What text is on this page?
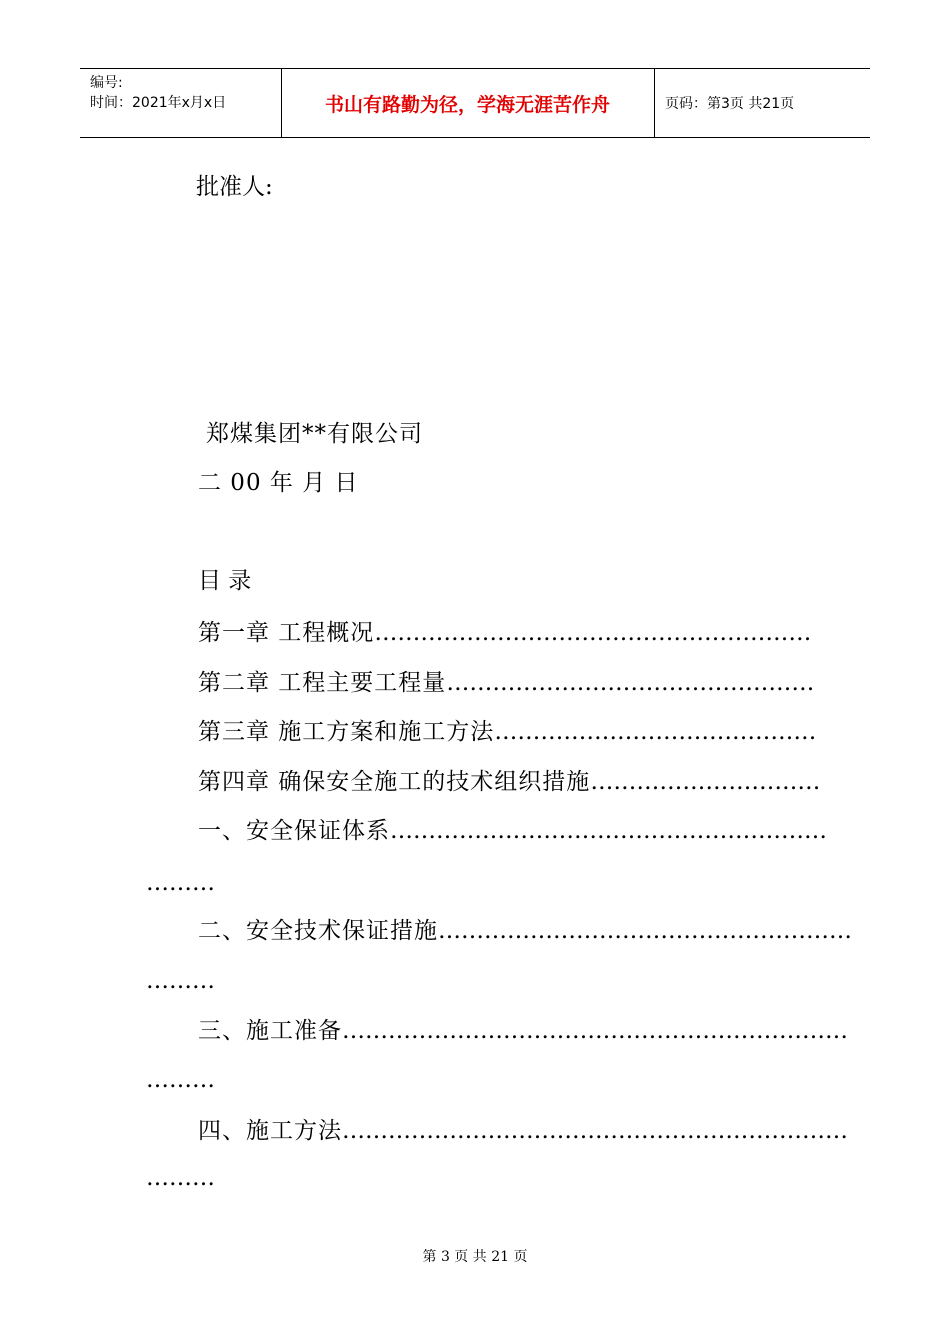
编号:
时间：2021年x月x日	书山有路勤为径，学海无涯苦作舟	页码：第3页 共21页
批准人:
郑煤集团**有限公司
二 00 年 月 日
目 录
第一章 工程概况…………………………………………………
第二章 工程主要工程量…………………………………………
第三章 施工方案和施工方法……………………………………
第四章 确保安全施工的技术组织措施…………………………
一、安全保证体系…………………………………………………
………
二、安全技术保证措施………………………………………………
………
三、施工准备…………………………………………………………
………
四、施工方法…………………………………………………………
………
第 3 页 共 21 页
